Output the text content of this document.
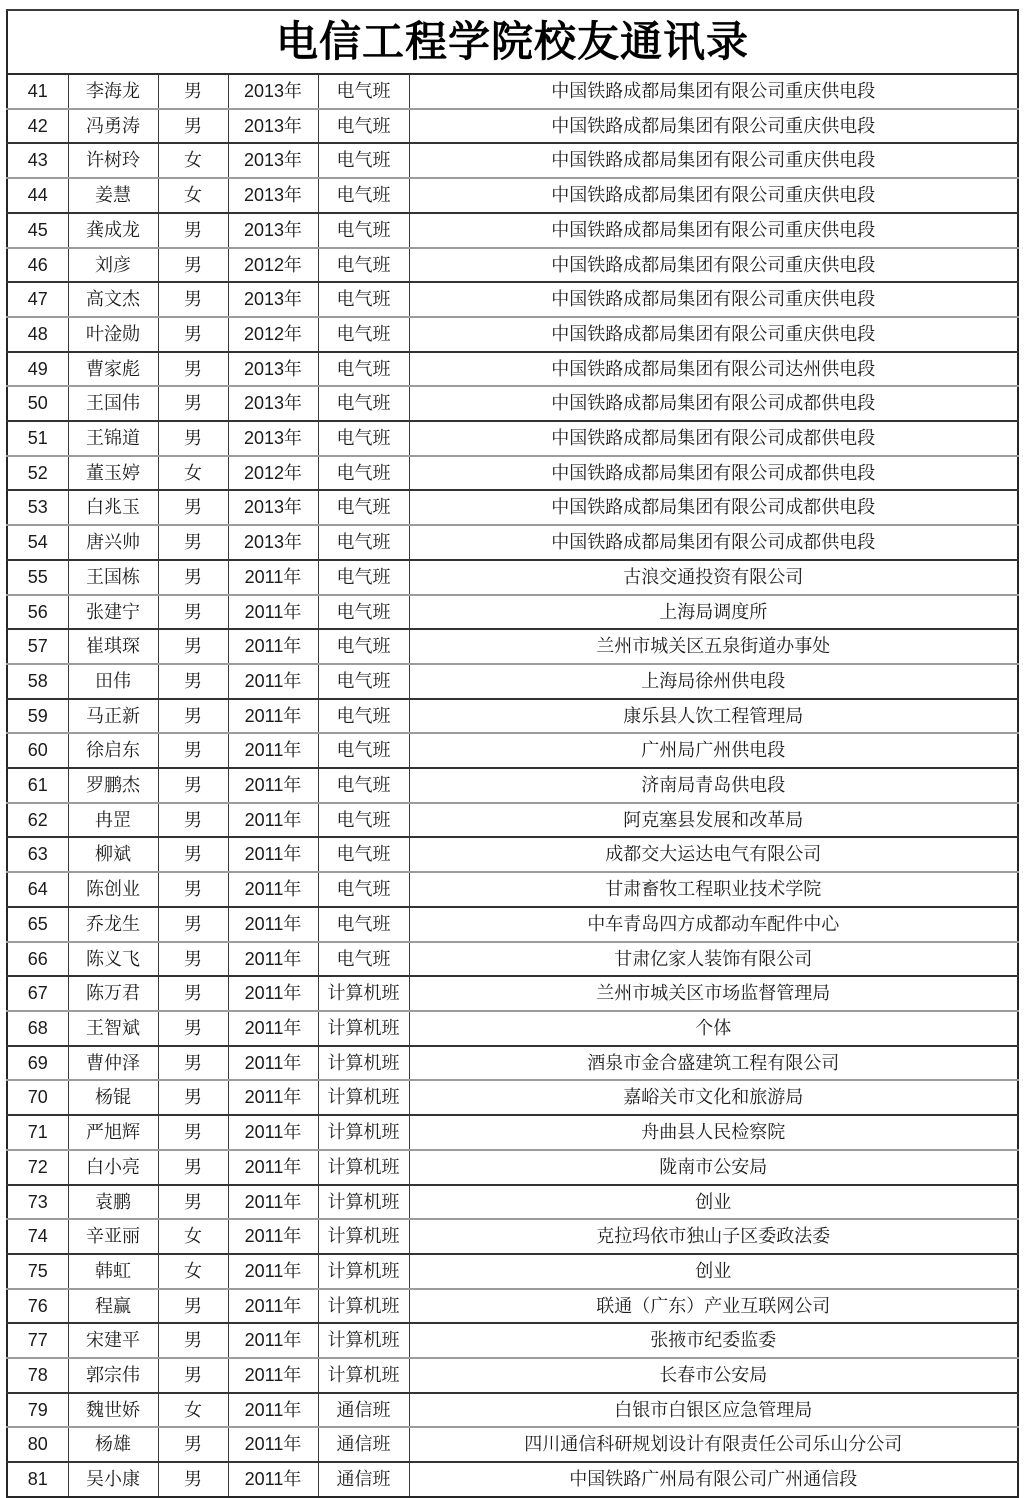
电信工程学院校友通讯录					
41	李海龙	男	2013年	电气班	中国铁路成都局集团有限公司重庆供电段
42	冯勇涛	男	2013年	电气班	中国铁路成都局集团有限公司重庆供电段
43	许树玲	女	2013年	电气班	中国铁路成都局集团有限公司重庆供电段
44	姜慧	女	2013年	电气班	中国铁路成都局集团有限公司重庆供电段
45	龚成龙	男	2013年	电气班	中国铁路成都局集团有限公司重庆供电段
46	刘彦	男	2012年	电气班	中国铁路成都局集团有限公司重庆供电段
47	高文杰	男	2013年	电气班	中国铁路成都局集团有限公司重庆供电段
48	叶淦勋	男	2012年	电气班	中国铁路成都局集团有限公司重庆供电段
49	曹家彪	男	2013年	电气班	中国铁路成都局集团有限公司达州供电段
50	王国伟	男	2013年	电气班	中国铁路成都局集团有限公司成都供电段
51	王锦道	男	2013年	电气班	中国铁路成都局集团有限公司成都供电段
52	董玉婷	女	2012年	电气班	中国铁路成都局集团有限公司成都供电段
53	白兆玉	男	2013年	电气班	中国铁路成都局集团有限公司成都供电段
54	唐兴帅	男	2013年	电气班	中国铁路成都局集团有限公司成都供电段
55	王国栋	男	2011年	电气班	古浪交通投资有限公司
56	张建宁	男	2011年	电气班	上海局调度所
57	崔琪琛	男	2011年	电气班	兰州市城关区五泉街道办事处
58	田伟	男	2011年	电气班	上海局徐州供电段
59	马正新	男	2011年	电气班	康乐县人饮工程管理局
60	徐启东	男	2011年	电气班	广州局广州供电段
61	罗鹏杰	男	2011年	电气班	济南局青岛供电段
62	冉罡	男	2011年	电气班	阿克塞县发展和改革局
63	柳斌	男	2011年	电气班	成都交大运达电气有限公司
64	陈创业	男	2011年	电气班	甘肃畜牧工程职业技术学院
65	乔龙生	男	2011年	电气班	中车青岛四方成都动车配件中心
66	陈义飞	男	2011年	电气班	甘肃亿家人装饰有限公司
67	陈万君	男	2011年	计算机班	兰州市城关区市场监督管理局
68	王智斌	男	2011年	计算机班	个体
69	曹仲泽	男	2011年	计算机班	酒泉市金合盛建筑工程有限公司
70	杨锟	男	2011年	计算机班	嘉峪关市文化和旅游局
71	严旭辉	男	2011年	计算机班	舟曲县人民检察院
72	白小亮	男	2011年	计算机班	陇南市公安局
73	袁鹏	男	2011年	计算机班	创业
74	辛亚丽	女	2011年	计算机班	克拉玛依市独山子区委政法委
75	韩虹	女	2011年	计算机班	创业
76	程赢	男	2011年	计算机班	联通（广东）产业互联网公司
77	宋建平	男	2011年	计算机班	张掖市纪委监委
78	郭宗伟	男	2011年	计算机班	长春市公安局
79	魏世娇	女	2011年	通信班	白银市白银区应急管理局
80	杨雄	男	2011年	通信班	四川通信科研规划设计有限责任公司乐山分公司
81	吴小康	男	2011年	通信班	中国铁路广州局有限公司广州通信段
